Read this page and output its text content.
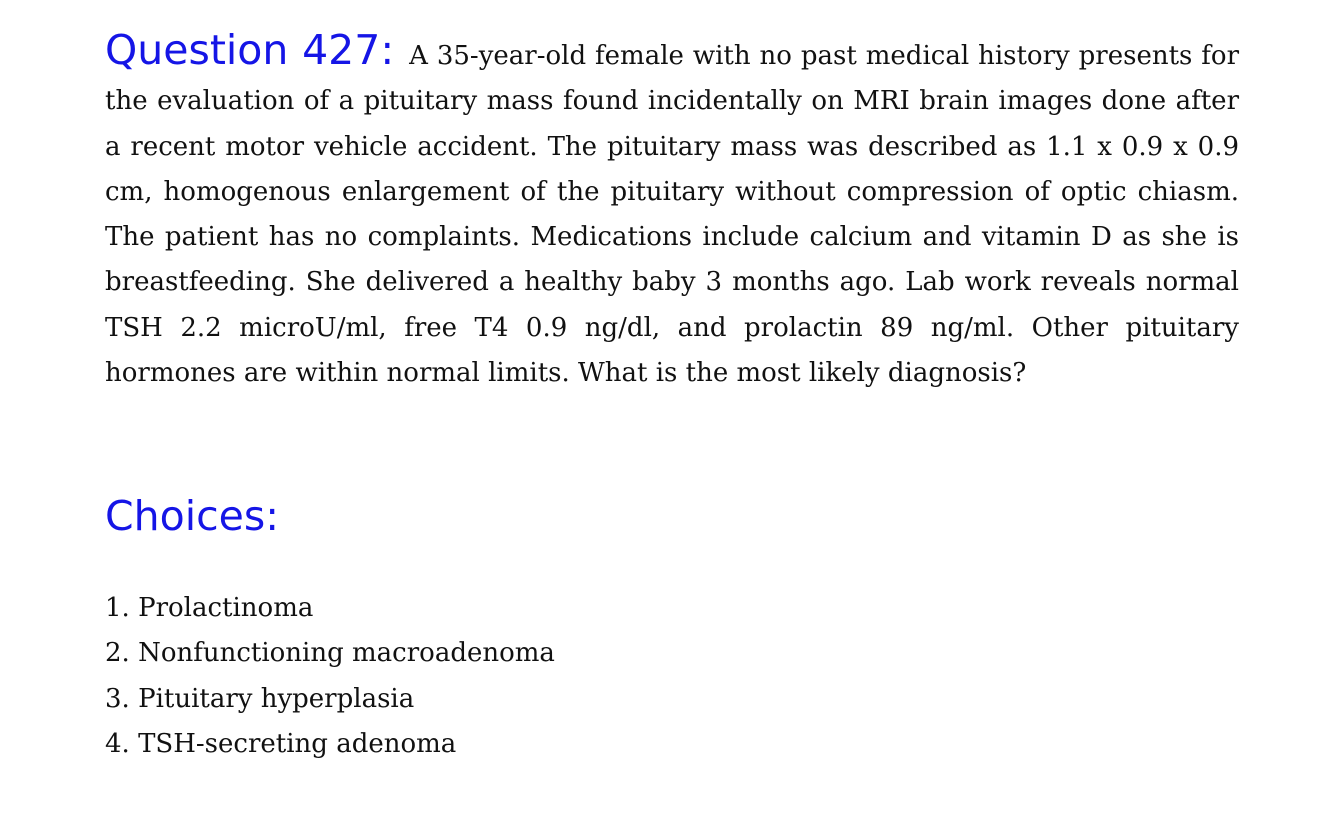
Question 427: A 35-year-old female with no past medical history presents for the evaluation of a pituitary mass found incidentally on MRI brain images done after a recent motor vehicle accident. The pituitary mass was described as 1.1 x 0.9 x 0.9 cm, homogenous enlargement of the pituitary without compression of optic chiasm. The patient has no complaints. Medications include calcium and vitamin D as she is breastfeeding. She delivered a healthy baby 3 months ago. Lab work reveals normal TSH 2.2 microU/ml, free T4 0.9 ng/​dl, and prolactin 89 ng/ml. Other pituitary hormones are within normal limits. What is the most likely diagnosis?
Choices:
1. Prolactinoma
2. Nonfunctioning macroadenoma
3. Pituitary hyperplasia
4. TSH-secreting adenoma
